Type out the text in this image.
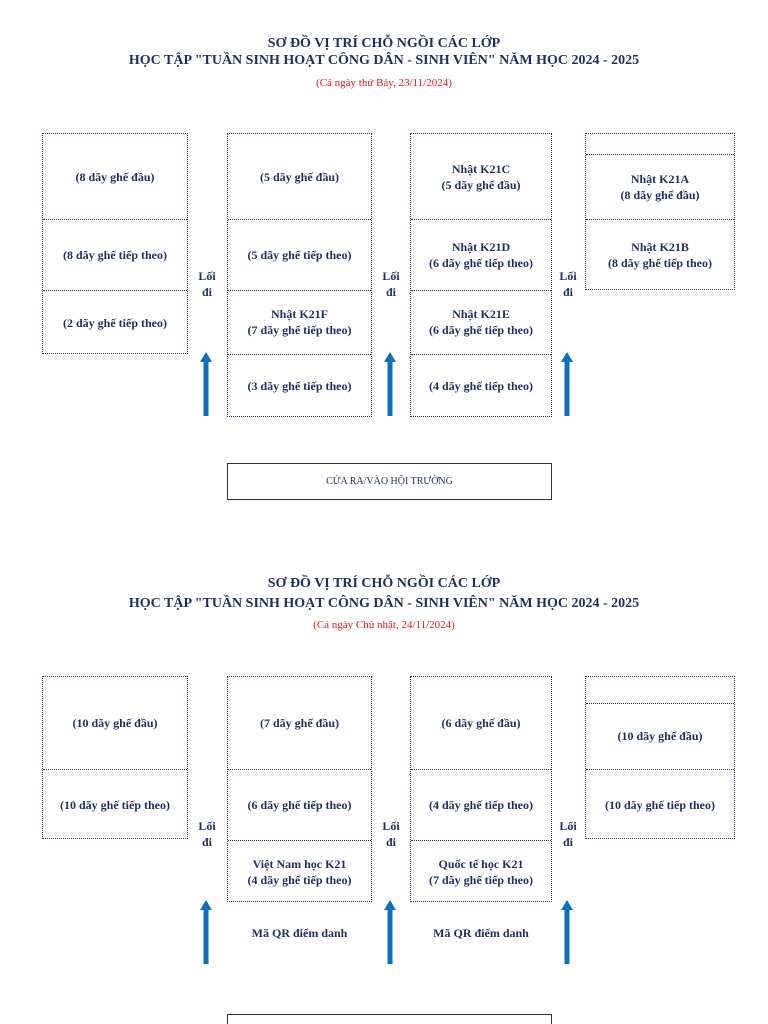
SƠ ĐỒ VỊ TRÍ CHỖ NGỒI CÁC LỚP
HỌC TẬP "TUẦN SINH HOẠT CÔNG DÂN - SINH VIÊN" NĂM HỌC 2024 - 2025
(Cả ngày thứ Bảy, 23/11/2024)
(8 dãy ghế đầu)
(8 dãy ghế tiếp theo)
(2 dãy ghế tiếp theo)
(5 dãy ghế đầu)
(5 dãy ghế tiếp theo)
Nhật K21F
(7 dãy ghế tiếp theo)
(3 dãy ghế tiếp theo)
Nhật K21C
(5 dãy ghế đầu)
Nhật K21D
(6 dãy ghế tiếp theo)
Nhật K21E
(6 dãy ghế tiếp theo)
(4 dãy ghế tiếp theo)
Nhật K21A
(8 dãy ghế đầu)
Nhật K21B
(8 dãy ghế tiếp theo)
Lối
đi
Lối
đi
Lối
đi
CỬA RA/VÀO HỘI TRƯỜNG
SƠ ĐỒ VỊ TRÍ CHỖ NGỒI CÁC LỚP
HỌC TẬP "TUẦN SINH HOẠT CÔNG DÂN - SINH VIÊN" NĂM HỌC 2024 - 2025
(Cả ngày Chủ nhật, 24/11/2024)
(10 dãy ghế đầu)
(10 dãy ghế tiếp theo)
(7 dãy ghế đầu)
(6 dãy ghế tiếp theo)
Việt Nam học K21
(4 dãy ghế tiếp theo)
(6 dãy ghế đầu)
(4 dãy ghế tiếp theo)
Quốc tế học K21
(7 dãy ghế tiếp theo)
(10 dãy ghế đầu)
(10 dãy ghế tiếp theo)
Lối
đi
Lối
đi
Lối
đi
Mã QR điểm danh	Mã QR điểm danh
